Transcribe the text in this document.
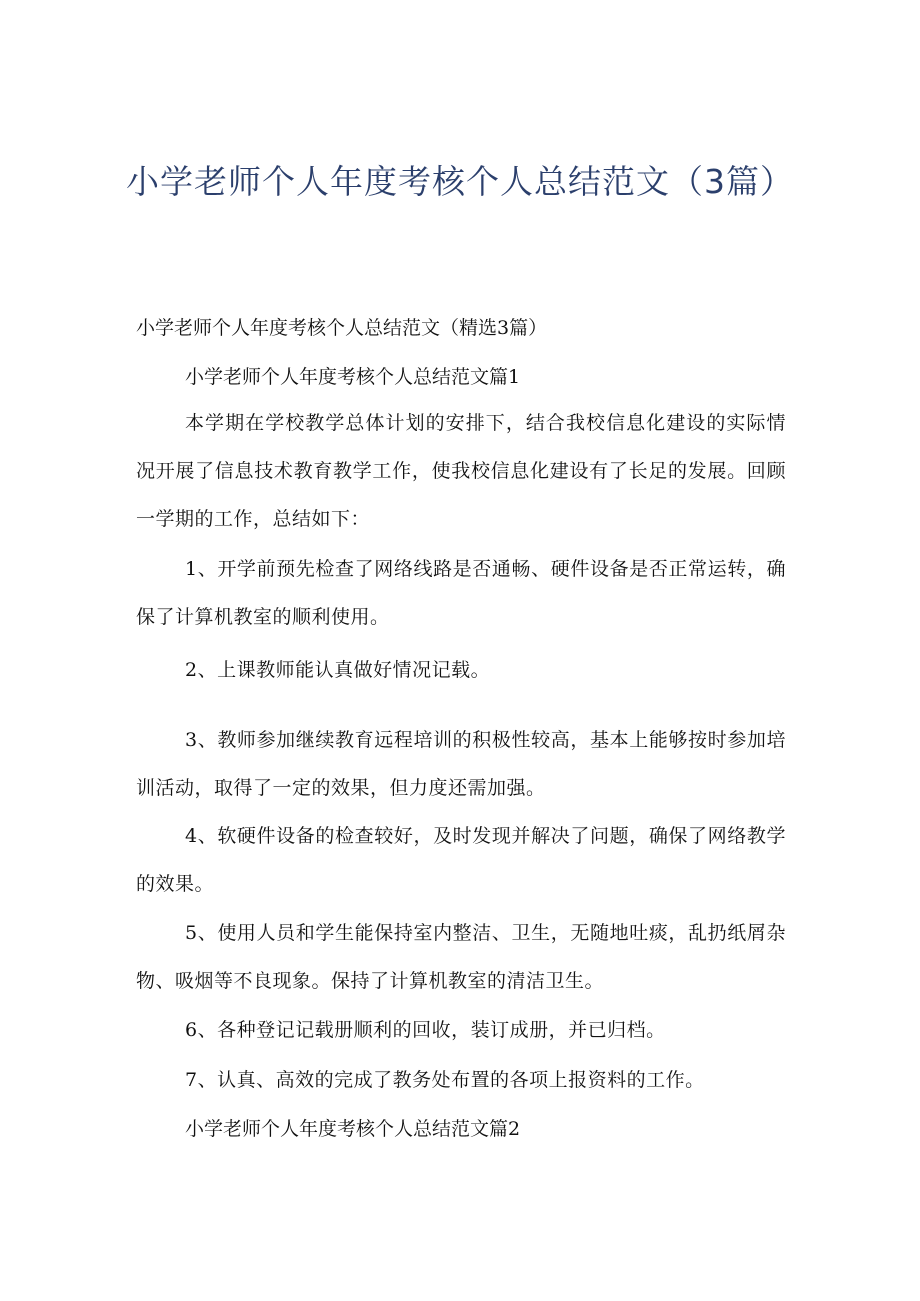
小学老师个人年度考核个人总结范文（3篇）

小学老师个人年度考核个人总结范文（精选3篇）

小学老师个人年度考核个人总结范文篇1

本学期在学校教学总体计划的安排下，结合我校信息化建设的实际情况开展了信息技术教育教学工作，使我校信息化建设有了长足的发展。回顾一学期的工作，总结如下：

1、开学前预先检查了网络线路是否通畅、硬件设备是否正常运转，确保了计算机教室的顺利使用。

2、上课教师能认真做好情况记载。

3、教师参加继续教育远程培训的积极性较高，基本上能够按时参加培训活动，取得了一定的效果，但力度还需加强。

4、软硬件设备的检查较好，及时发现并解决了问题，确保了网络教学的效果。

5、使用人员和学生能保持室内整洁、卫生，无随地吐痰，乱扔纸屑杂物、吸烟等不良现象。保持了计算机教室的清洁卫生。

6、各种登记记载册顺利的回收，装订成册，并已归档。

7、认真、高效的完成了教务处布置的各项上报资料的工作。

小学老师个人年度考核个人总结范文篇2
